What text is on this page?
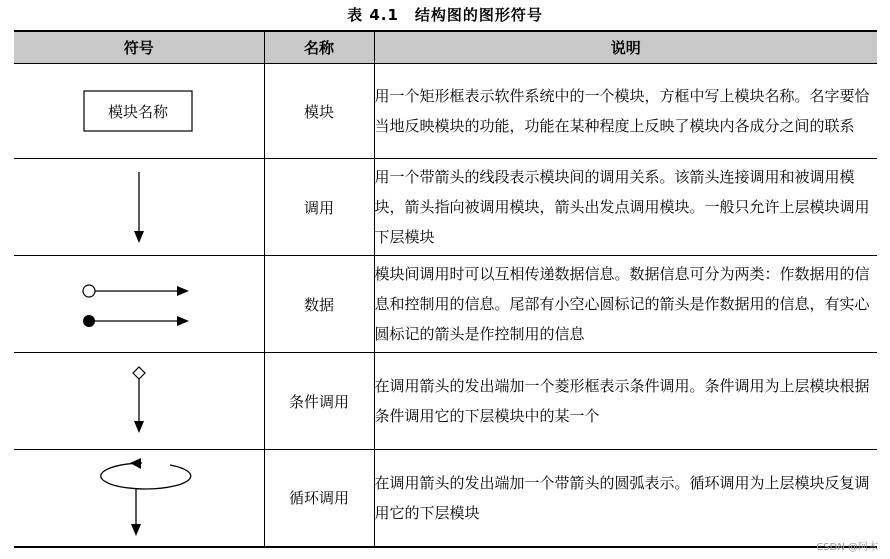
表 4.1　结构图的图形符号
符号	名称	说明

模块名称	模块	用一个矩形框表示软件系统中的一个模块，方框中写上模块名称。名字要恰当地反映模块的功能，功能在某种程度上反映了模块内各成分之间的联系

	调用	用一个带箭头的线段表示模块间的调用关系。该箭头连接调用和被调用模块，箭头指向被调用模块，箭头出发点调用模块。一般只允许上层模块调用下层模块

	数据	模块间调用时可以互相传递数据信息。数据信息可分为两类：作数据用的信息和控制用的信息。尾部有小空心圆标记的箭头是作数据用的信息，有实心圆标记的箭头是作控制用的信息

	条件调用	在调用箭头的发出端加一个菱形框表示条件调用。条件调用为上层模块根据条件调用它的下层模块中的某一个

	循环调用	在调用箭头的发出端加一个带箭头的圆弧表示。循环调用为上层模块反复调用它的下层模块
CSDN @阿木
